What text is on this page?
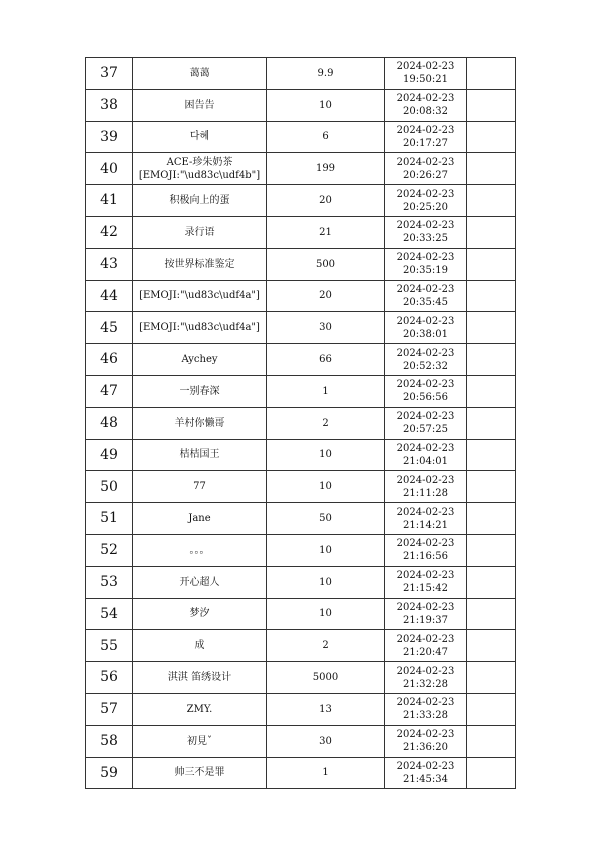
37	蔼蔼	9.9	2024-02-23
19:50:21	

38	困告告	10	2024-02-23
20:08:32	

39	다혜	6	2024-02-23
20:17:27	

40	ACE-珍朱奶茶
[EMOJI:"\ud83c\udf4b"]	199	2024-02-23
20:26:27	

41	积极向上的蛋	20	2024-02-23
20:25:20	

42	录行语	21	2024-02-23
20:33:25	

43	按世界标准鉴定	500	2024-02-23
20:35:19	

44	[EMOJI:"\ud83c\udf4a"]	20	2024-02-23
20:35:45	

45	[EMOJI:"\ud83c\udf4a"]	30	2024-02-23
20:38:01	

46	Aychey	66	2024-02-23
20:52:32	

47	一别春深	1	2024-02-23
20:56:56	

48	羊村你懒哥	2	2024-02-23
20:57:25	

49	桔桔国王	10	2024-02-23
21:04:01	

50	77	10	2024-02-23
21:11:28	

51	Jane	50	2024-02-23
21:14:21	

52	。。。	10	2024-02-23
21:16:56	

53	开心超人	10	2024-02-23
21:15:42	

54	梦汐	10	2024-02-23
21:19:37	

55	成	2	2024-02-23
21:20:47	

56	淇淇 笛绣设计	5000	2024-02-23
21:32:28	

57	ZMY.	13	2024-02-23
21:33:28	

58	初見ˇ	30	2024-02-23
21:36:20	

59	帅三不是罪	1	2024-02-23
21:45:34	
